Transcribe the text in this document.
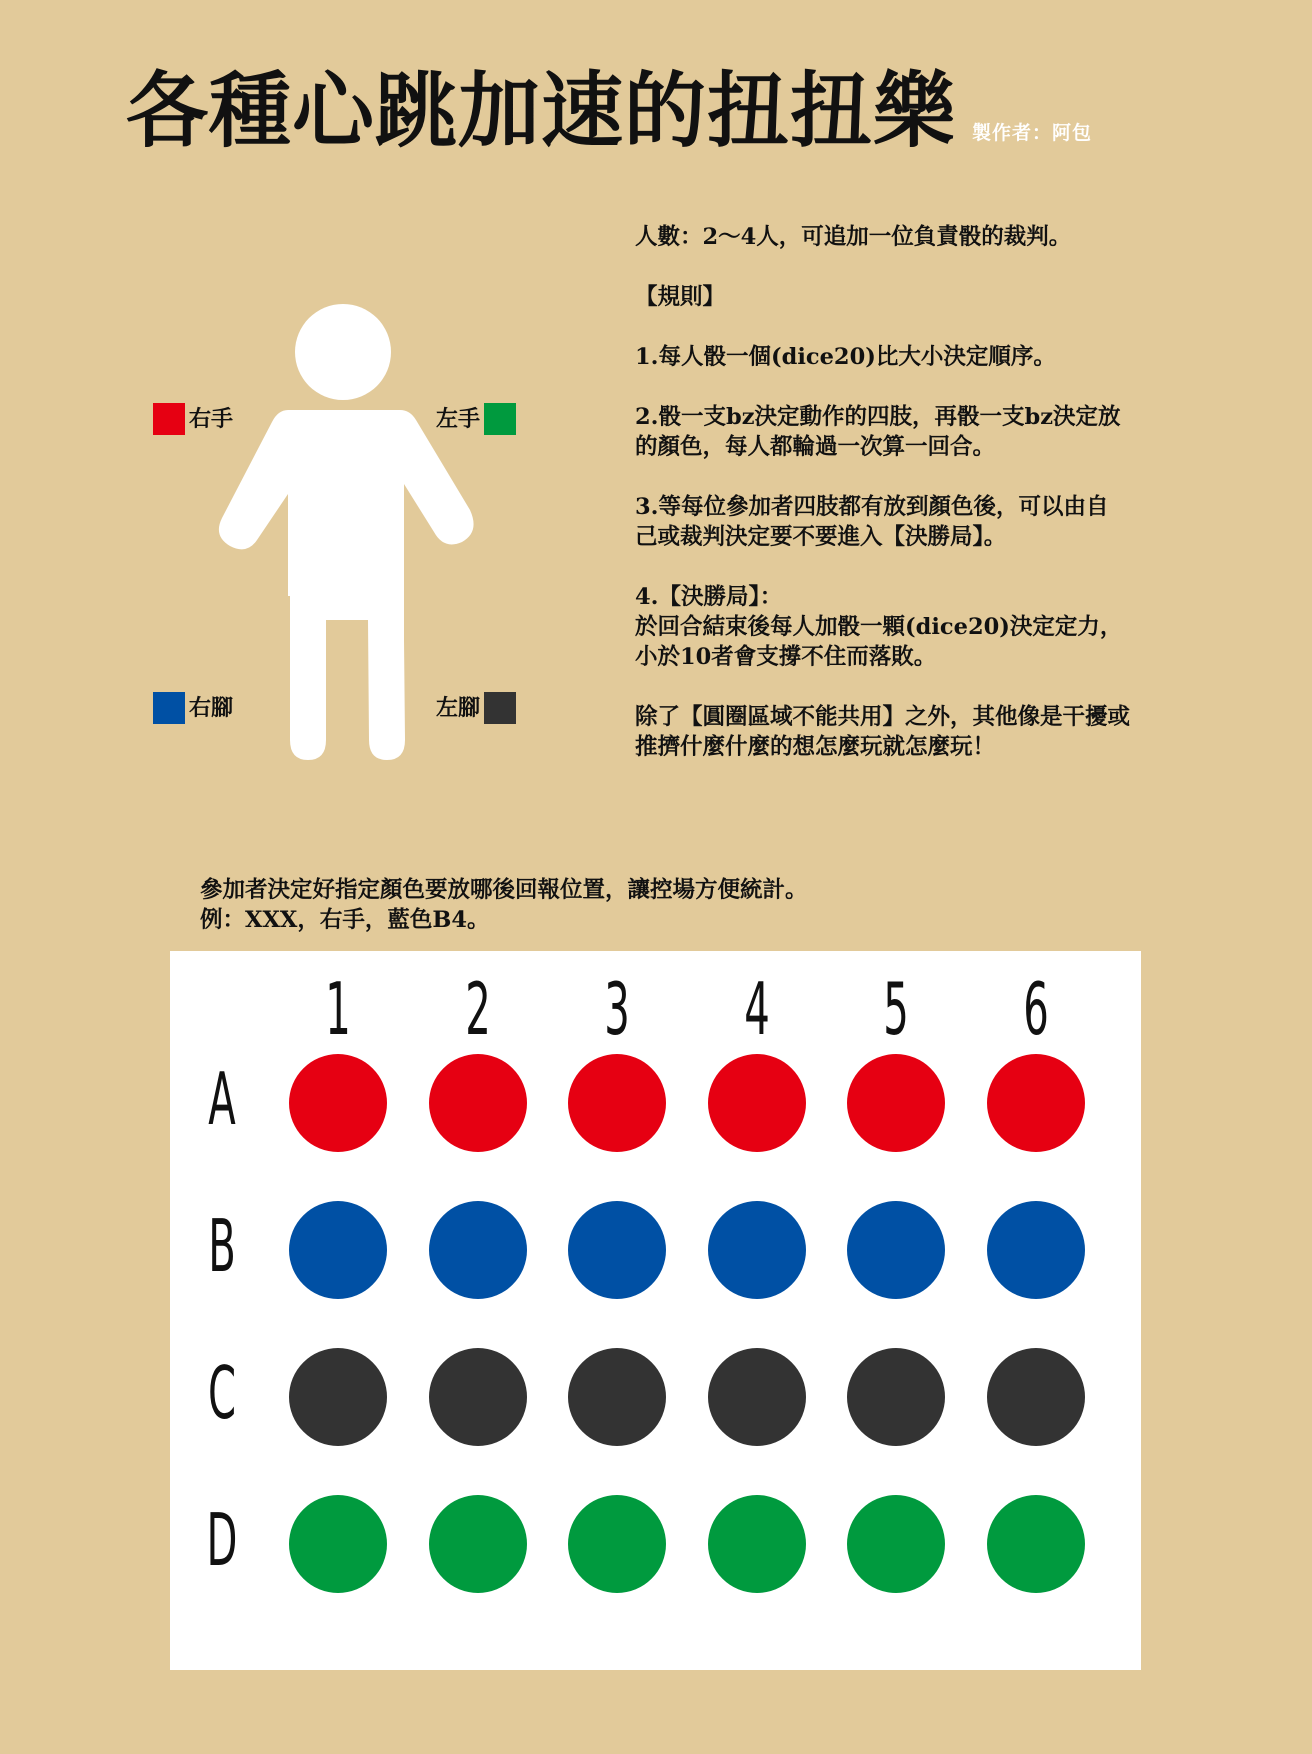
各種心跳加速的扭扭樂 製作者：阿包
右手	左手
右腳	左腳

人數：2～4人，可追加一位負責骰的裁判。

【規則】

1.每人骰一個(dice20)比大小決定順序。

2.骰一支bz決定動作的四肢，再骰一支bz決定放
的顏色，每人都輪過一次算一回合。

3.等每位參加者四肢都有放到顏色後，可以由自
己或裁判決定要不要進入【決勝局】。

4.【決勝局】：
於回合結束後每人加骰一顆(dice20)決定定力，
小於10者會支撐不住而落敗。

除了【圓圈區域不能共用】之外，其他像是干擾或
推擠什麼什麼的想怎麼玩就怎麼玩！

參加者決定好指定顏色要放哪後回報位置，讓控場方便統計。
例：XXX，右手，藍色B4。
1 2 3 4 5 6
A
B
C
D
